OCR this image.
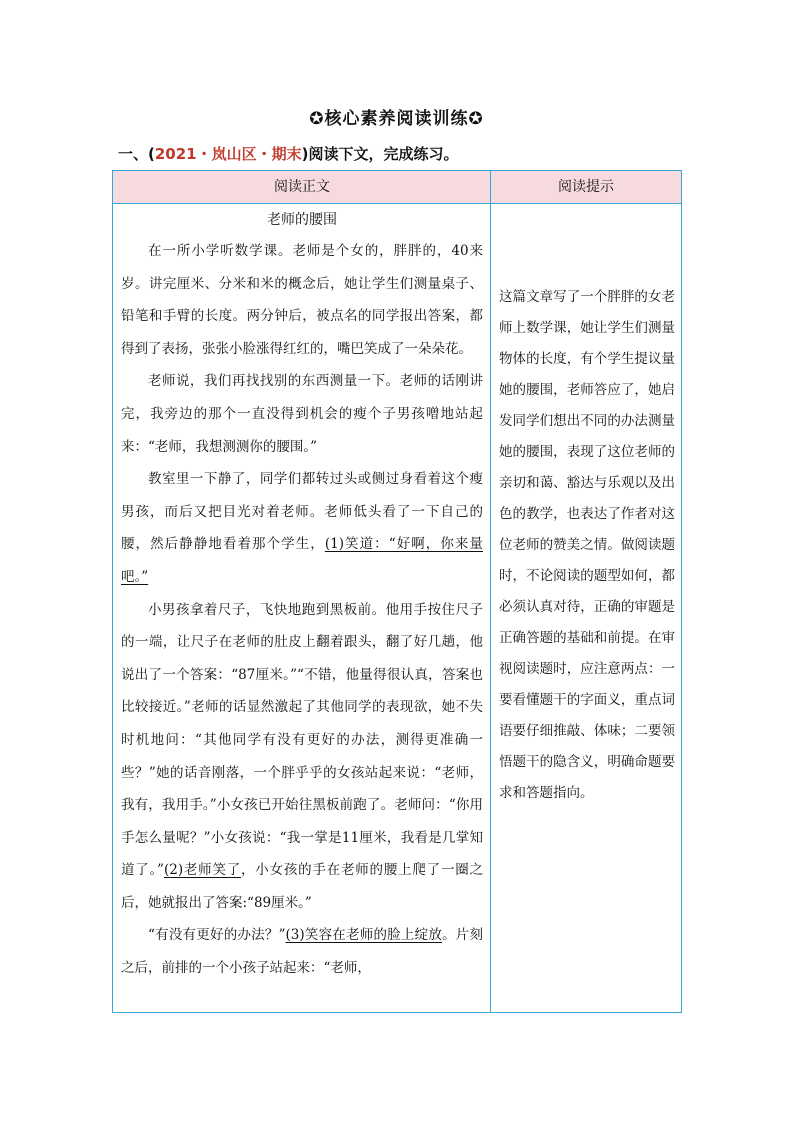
✪核心素养阅读训练✪
一、(2021・岚山区・期末)阅读下文，完成练习。
阅读正文	阅读提示
老师的腰围

在一所小学听数学课。老师是个女的，胖胖的，40来岁。讲完厘米、分米和米的概念后，她让学生们测量桌子、铅笔和手臂的长度。两分钟后，被点名的同学报出答案，都得到了表扬，张张小脸涨得红红的，嘴巴笑成了一朵朵花。

老师说，我们再找找别的东西测量一下。老师的话刚讲完，我旁边的那个一直没得到机会的瘦个子男孩噌地站起来：“老师，我想测测你的腰围。”

教室里一下静了，同学们都转过头或侧过身看着这个瘦男孩，而后又把目光对着老师。老师低头看了一下自己的腰，然后静静地看着那个学生，(1)笑道：“好啊，你来量吧。”

小男孩拿着尺子，飞快地跑到黑板前。他用手按住尺子的一端，让尺子在老师的肚皮上翻着跟头，翻了好几趟，他说出了一个答案：“87厘米。”“不错，他量得很认真，答案也比较接近。”老师的话显然激起了其他同学的表现欲，她不失时机地问：“其他同学有没有更好的办法，测得更准确一些？”她的话音刚落，一个胖乎乎的女孩站起来说：“老师，我有，我用手。”小女孩已开始往黑板前跑了。老师问：“你用手怎么量呢？”小女孩说：“我一掌是11厘米，我看是几掌知道了。”(2)老师笑了，小女孩的手在老师的腰上爬了一圈之后，她就报出了答案:“89厘米。”

“有没有更好的办法？”(3)笑容在老师的脸上绽放。片刻之后，前排的一个小孩子站起来：“老师，

这篇文章写了一个胖胖的女老师上数学课，她让学生们测量物体的长度，有个学生提议量她的腰围，老师答应了，她启发同学们想出不同的办法测量她的腰围，表现了这位老师的亲切和蔼、豁达与乐观以及出色的教学，也表达了作者对这位老师的赞美之情。做阅读题时，不论阅读的题型如何，都必须认真对待，正确的审题是正确答题的基础和前提。在审视阅读题时，应注意两点：一要看懂题干的字面义，重点词语要仔细推敲、体味；二要领悟题干的隐含义，明确命题要求和答题指向。
